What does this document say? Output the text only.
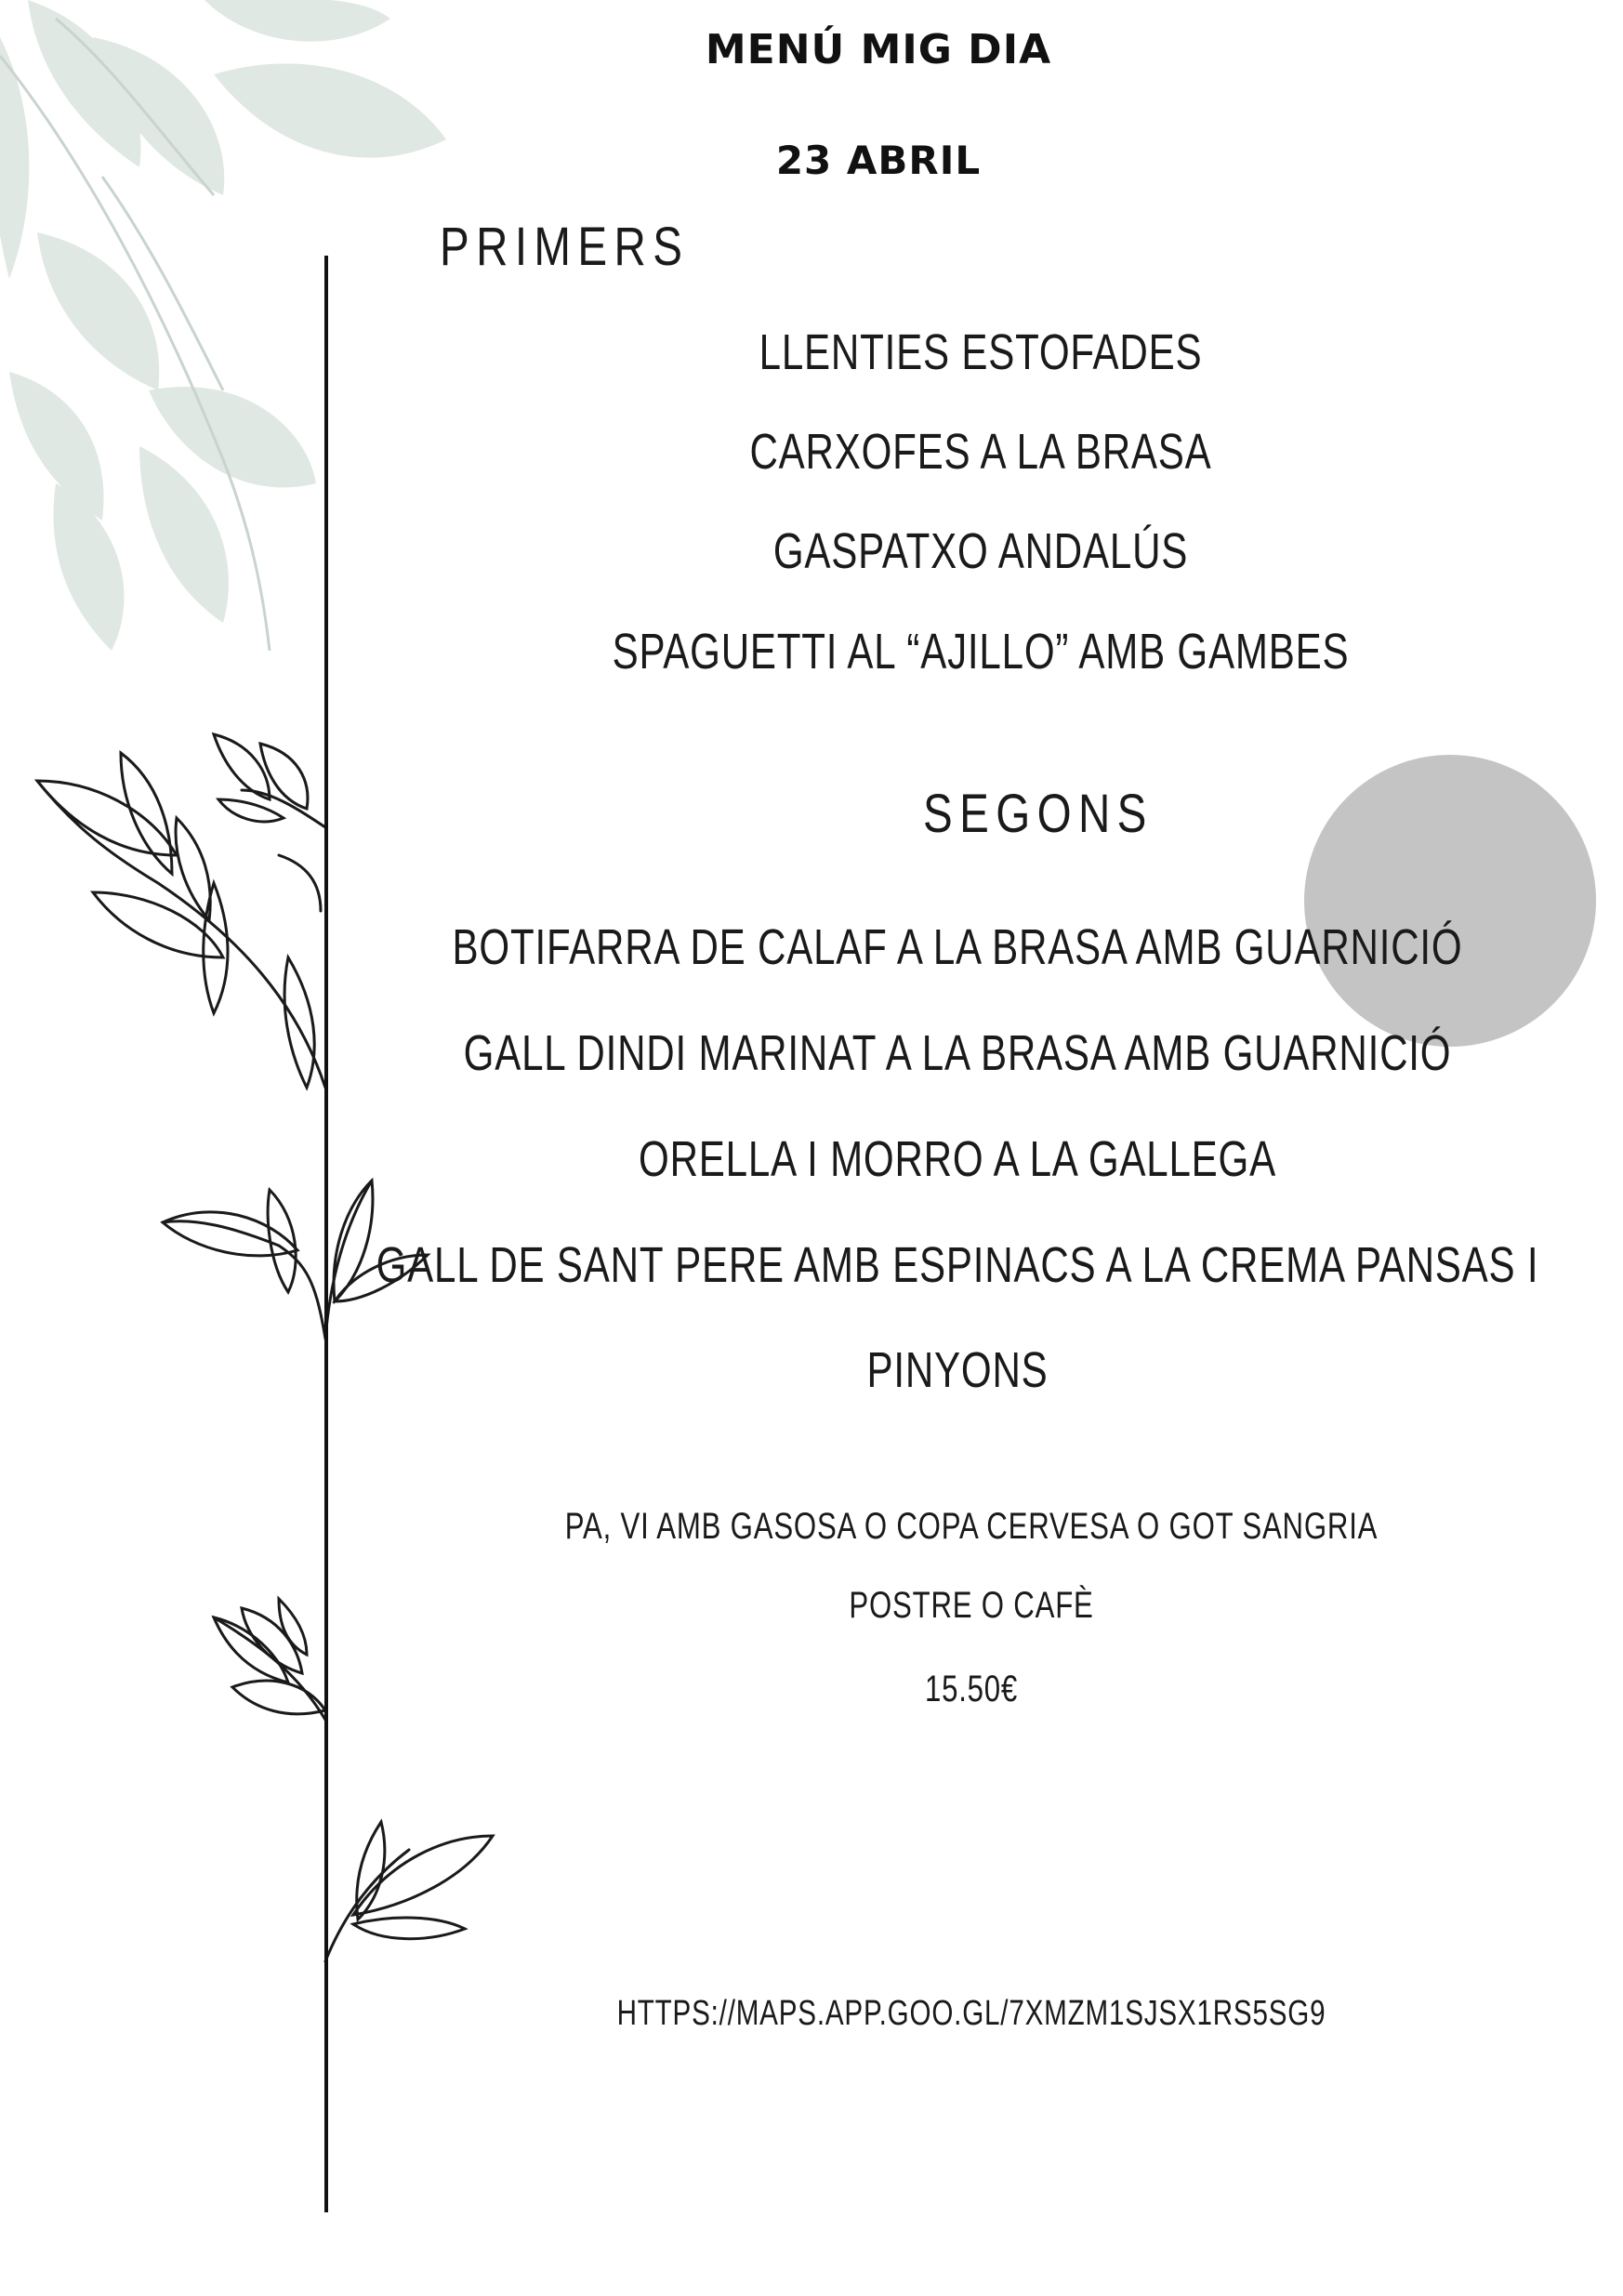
MENÚ MIG DIA
23 ABRIL
PRIMERS
LLENTIES ESTOFADES
CARXOFES A LA BRASA
GASPATXO ANDALÚS
SPAGUETTI AL “AJILLO” AMB GAMBES
SEGONS
BOTIFARRA DE CALAF A LA BRASA AMB GUARNICIÓ
GALL DINDI MARINAT A LA BRASA AMB GUARNICIÓ
ORELLA I MORRO A LA GALLEGA
GALL DE SANT PERE AMB ESPINACS A LA CREMA PANSAS I
PINYONS
PA, VI AMB GASOSA O COPA CERVESA O GOT SANGRIA
POSTRE O CAFÈ
15.50€
HTTPS://MAPS.APP.GOO.GL/7XMZM1SJSX1RS5SG9
